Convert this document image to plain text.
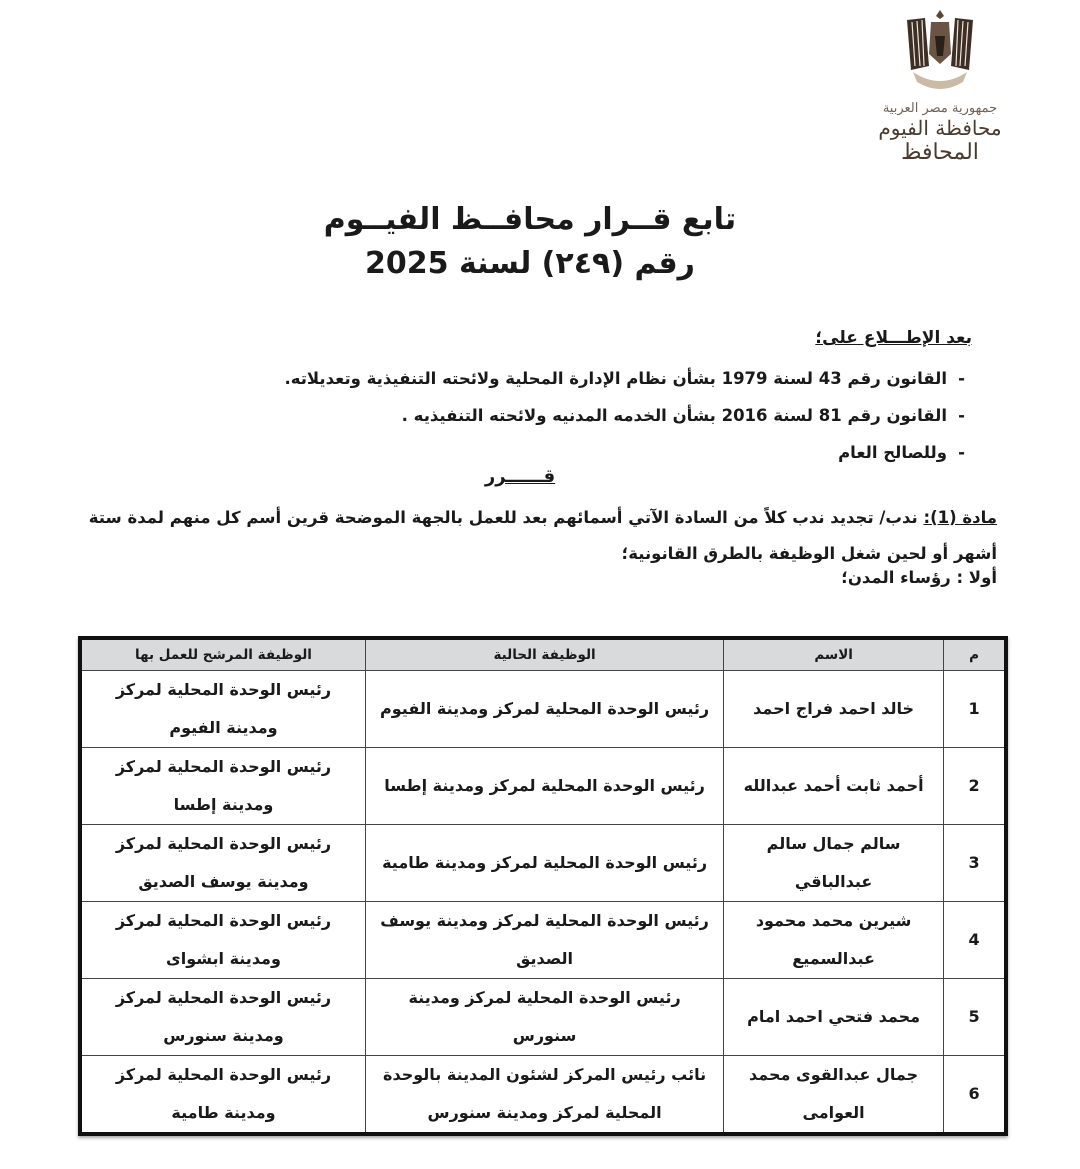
جمهورية مصر العربية
محافظة الفيوم
المحافظ
تابع قــرار محافــظ الفيــوم
رقم (٢٤٩) لسنة 2025
بعد الإطـــلاع على؛
- القانون رقم 43 لسنة 1979 بشأن نظام الإدارة المحلية ولائحته التنفيذية وتعديلاته.
- القانون رقم 81 لسنة 2016 بشأن الخدمه المدنيه ولائحته التنفيذيه .
- وللصالح العام
قــــــرر
مادة (1): ندب/ تجديد ندب كلاً من السادة الآتي أسمائهم بعد للعمل بالجهة الموضحة قرين أسم كل منهم لمدة ستة أشهر أو لحين شغل الوظيفة بالطرق القانونية؛
أولا : رؤساء المدن؛
م	الاسم	الوظيفة الحالية	الوظيفة المرشح للعمل بها
1	خالد احمد فراج احمد	رئيس الوحدة المحلية لمركز ومدينة الفيوم	رئيس الوحدة المحلية لمركز ومدينة الفيوم
2	أحمد ثابت أحمد عبدالله	رئيس الوحدة المحلية لمركز ومدينة إطسا	رئيس الوحدة المحلية لمركز ومدينة إطسا
3	سالم جمال سالم عبدالباقي	رئيس الوحدة المحلية لمركز ومدينة طامية	رئيس الوحدة المحلية لمركز ومدينة يوسف الصديق
4	شيرين محمد محمود عبدالسميع	رئيس الوحدة المحلية لمركز ومدينة يوسف الصديق	رئيس الوحدة المحلية لمركز ومدينة ابشواى
5	محمد فتحي احمد امام	رئيس الوحدة المحلية لمركز ومدينة سنورس	رئيس الوحدة المحلية لمركز ومدينة سنورس
6	جمال عبدالقوى محمد العوامى	نائب رئيس المركز لشئون المدينة بالوحدة المحلية لمركز ومدينة سنورس	رئيس الوحدة المحلية لمركز ومدينة طامية
